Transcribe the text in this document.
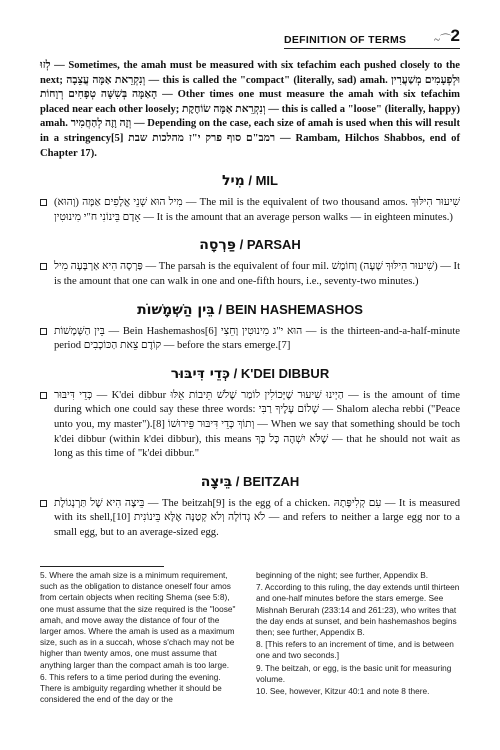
DEFINITION OF TERMS	~⌒ 2

לְזוּ — Sometimes, the amah must be measured with six tefachim each pushed closely to the next; וְנִקְרֵאת אַמָּה עֲצֵבָה — this is called the "compact" (literally, sad) amah. וּלְפְעָמִים מְשַׁעֲרִין הָאַמָּה בְּשִׁשָּׁה טְפָחִים רְוָחוֹת — Other times one must measure the amah with six tefachim placed near each other loosely; וְנִקְרֵאת אַמָּה שׂוֹחֶקֶת — this is called a "loose" (literally, happy) amah. וְזֶה וָזֶה לְהַחֲמִיר — Depending on the case, each size of amah is used when this will result in a stringency[5] רמב"ם סוף פרק י"ז מהלכות שבת — Rambam, Hilchos Shabbos, end of Chapter 17).

מִיל / MIL

מִיל הוּא שְׁנֵי אֲלָפִים אַמָּה (וְהוּא) — The mil is the equivalent of two thousand amos. שִׁיעוּר הִילּוּךְ אָדָם בֵּינוֹנִי ח"י מִינוּטִין — It is the amount that an average person walks — in eighteen minutes.)

פַּרְסָה / PARSAH

פַּרְסָה הִיא אַרְבָּעָה מִיל — The parsah is the equivalent of four mil. שִׁיעוּר הִילּוּךְ שָׁעָה) וְחוֹמֶשׁ) — It is the amount that one can walk in one and one-fifth hours, i.e., seventy-two minutes.)

בֵּין הַשְּׁמָשׁוֹת / BEIN HASHEMASHOS

בֵּין הַשְּׁמָשׁוֹת — Bein Hashemashos[6] הוּא י"ג מִינוּטִין וָחֵצִי — is the thirteen-and-a-half-minute period קוֹדֶם צֵאת הַכּוֹכָבִים — before the stars emerge.[7]

כְּדֵי דִּיבּוּר / K'DEI DIBBUR

כְּדֵי דִּיבּוּר — K'dei dibbur הַיְינוּ שִׁיעוּר שֶׁיְּכוֹלִין לוֹמַר שָׁלֹשׁ תֵּיבוֹת אֵלּוּ — is the amount of time during which one could say these three words: שָׁלוֹם עָלֶיךָ רַבִּי — Shalom alecha rebbi ("Peace unto you, my master").[8] וְתוֹךְ כְּדֵי דִּיבּוּר פֵּירוּשׁוֹ — When we say that something should be toch k'dei dibbur (within k'dei dibbur), this means שֶׁלֹּא יִשְׁהֶה כָּל כָּךְ — that he should not wait as long as this time of "k'dei dibbur."

בֵּיצָה / BEITZAH

בֵּיצָה הִיא שֶׁל תַּרְנְגוֹלֶת — The beitzah[9] is the egg of a chicken. עִם קְלִיפָּתָהּ — It is measured with its shell,[10] לֹא גְדוֹלָה וְלֹא קְטַנָּה אֶלָּא בֵּינוֹנִית — and refers to neither a large egg nor to a small egg, but to an average-sized egg.

5. Where the amah size is a minimum requirement, such as the obligation to distance oneself four amos from certain objects when reciting Shema (see 5:8), one must assume that the size required is the "loose" amah, and move away the distance of four of the larger amos. Where the amah is used as a maximum size, such as in a succah, whose s'chach may not be higher than twenty amos, one must assume that anything larger than the compact amah is too large.

6. This refers to a time period during the evening. There is ambiguity regarding whether it should be considered the end of the day or the

beginning of the night; see further, Appendix B.

7. According to this ruling, the day extends until thirteen and one-half minutes before the stars emerge. See Mishnah Berurah (233:14 and 261:23), who writes that the day ends at sunset, and bein hashemashos begins then; see further, Appendix B.

8. [This refers to an increment of time, and is between one and two seconds.]

9. The beitzah, or egg, is the basic unit for measuring volume.

10. See, however, Kitzur 40:1 and note 8 there.
